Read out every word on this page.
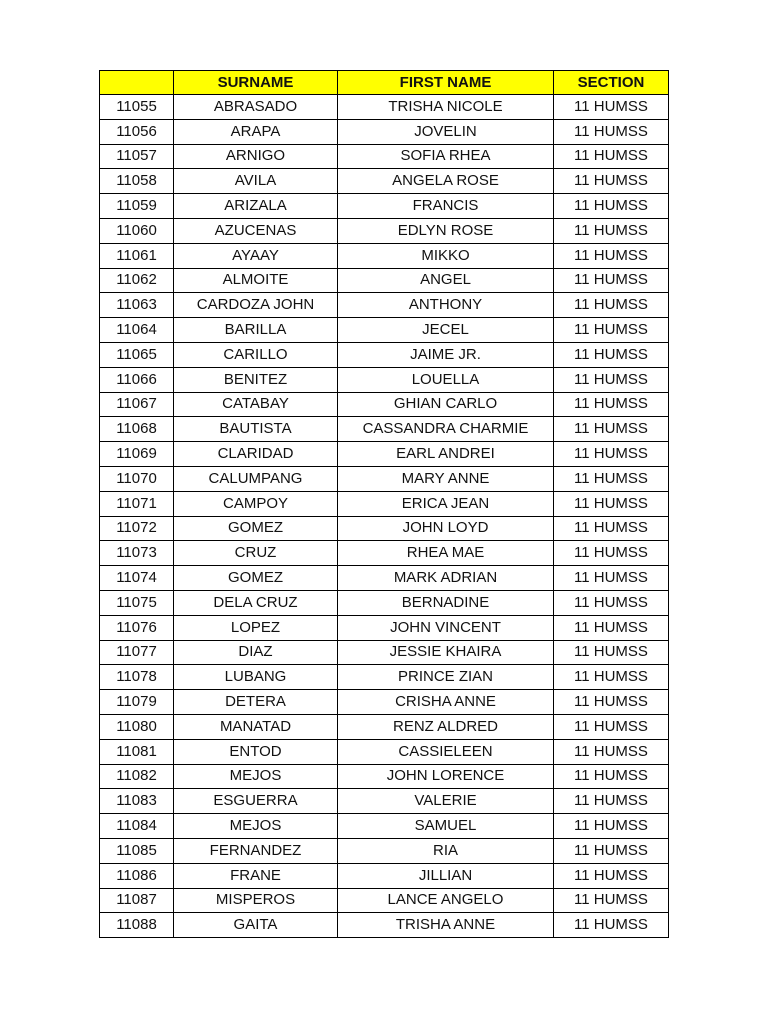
	SURNAME	FIRST NAME	SECTION
11055	ABRASADO	TRISHA NICOLE	11 HUMSS
11056	ARAPA	JOVELIN	11 HUMSS
11057	ARNIGO	SOFIA RHEA	11 HUMSS
11058	AVILA	ANGELA ROSE	11 HUMSS
11059	ARIZALA	FRANCIS	11 HUMSS
11060	AZUCENAS	EDLYN ROSE	11 HUMSS
11061	AYAAY	MIKKO	11 HUMSS
11062	ALMOITE	ANGEL	11 HUMSS
11063	CARDOZA JOHN	ANTHONY	11 HUMSS
11064	BARILLA	JECEL	11 HUMSS
11065	CARILLO	JAIME JR.	11 HUMSS
11066	BENITEZ	LOUELLA	11 HUMSS
11067	CATABAY	GHIAN CARLO	11 HUMSS
11068	BAUTISTA	CASSANDRA CHARMIE	11 HUMSS
11069	CLARIDAD	EARL ANDREI	11 HUMSS
11070	CALUMPANG	MARY ANNE	11 HUMSS
11071	CAMPOY	ERICA JEAN	11 HUMSS
11072	GOMEZ	JOHN LOYD	11 HUMSS
11073	CRUZ	RHEA MAE	11 HUMSS
11074	GOMEZ	MARK ADRIAN	11 HUMSS
11075	DELA CRUZ	BERNADINE	11 HUMSS
11076	LOPEZ	JOHN VINCENT	11 HUMSS
11077	DIAZ	JESSIE KHAIRA	11 HUMSS
11078	LUBANG	PRINCE ZIAN	11 HUMSS
11079	DETERA	CRISHA ANNE	11 HUMSS
11080	MANATAD	RENZ ALDRED	11 HUMSS
11081	ENTOD	CASSIELEEN	11 HUMSS
11082	MEJOS	JOHN LORENCE	11 HUMSS
11083	ESGUERRA	VALERIE	11 HUMSS
11084	MEJOS	SAMUEL	11 HUMSS
11085	FERNANDEZ	RIA	11 HUMSS
11086	FRANE	JILLIAN	11 HUMSS
11087	MISPEROS	LANCE ANGELO	11 HUMSS
11088	GAITA	TRISHA ANNE	11 HUMSS
